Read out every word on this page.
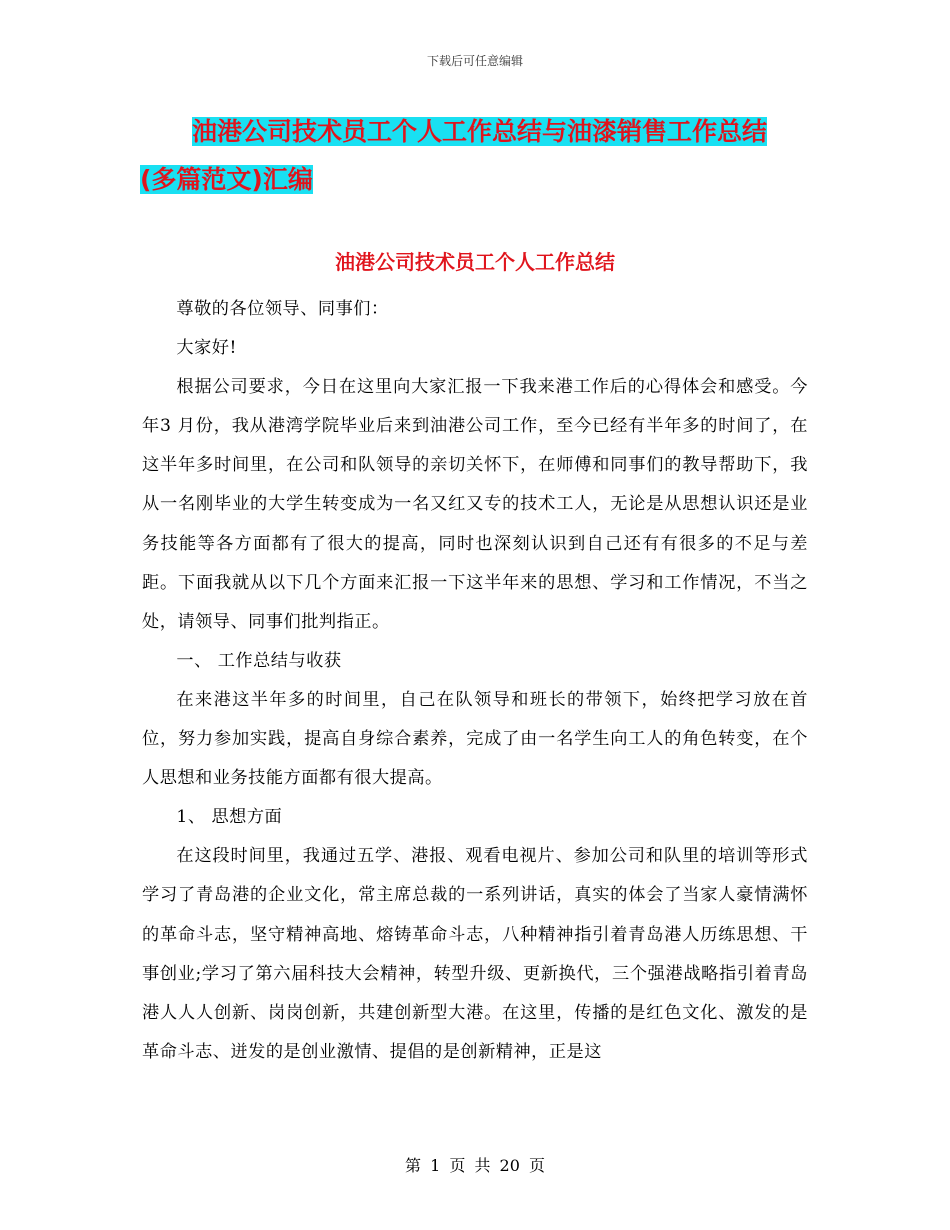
下载后可任意编辑
油港公司技术员工个人工作总结与油漆销售工作总结
(多篇范文)汇编
油港公司技术员工个人工作总结

尊敬的各位领导、同事们：

大家好!

根据公司要求，今日在这里向大家汇报一下我来港工作后的心得体会和感受。今年3 月份，我从港湾学院毕业后来到油港公司工作，至今已经有半年多的时间了，在这半年多时间里，在公司和队领导的亲切关怀下，在师傅和同事们的教导帮助下，我从一名刚毕业的大学生转变成为一名又红又专的技术工人，无论是从思想认识还是业务技能等各方面都有了很大的提高，同时也深刻认识到自己还有有很多的不足与差距。下面我就从以下几个方面来汇报一下这半年来的思想、学习和工作情况，不当之处，请领导、同事们批判指正。

一、 工作总结与收获

在来港这半年多的时间里，自己在队领导和班长的带领下，始终把学习放在首位，努力参加实践，提高自身综合素养，完成了由一名学生向工人的角色转变，在个人思想和业务技能方面都有很大提高。

1、 思想方面

在这段时间里，我通过五学、港报、观看电视片、参加公司和队里的培训等形式学习了青岛港的企业文化，常主席总裁的一系列讲话，真实的体会了当家人豪情满怀的革命斗志，坚守精神高地、熔铸革命斗志，八种精神指引着青岛港人历练思想、干事创业;学习了第六届科技大会精神，转型升级、更新换代，三个强港战略指引着青岛港人人人创新、岗岗创新，共建创新型大港。在这里，传播的是红色文化、激发的是革命斗志、迸发的是创业激情、提倡的是创新精神，正是这

第 1 页 共 20 页
